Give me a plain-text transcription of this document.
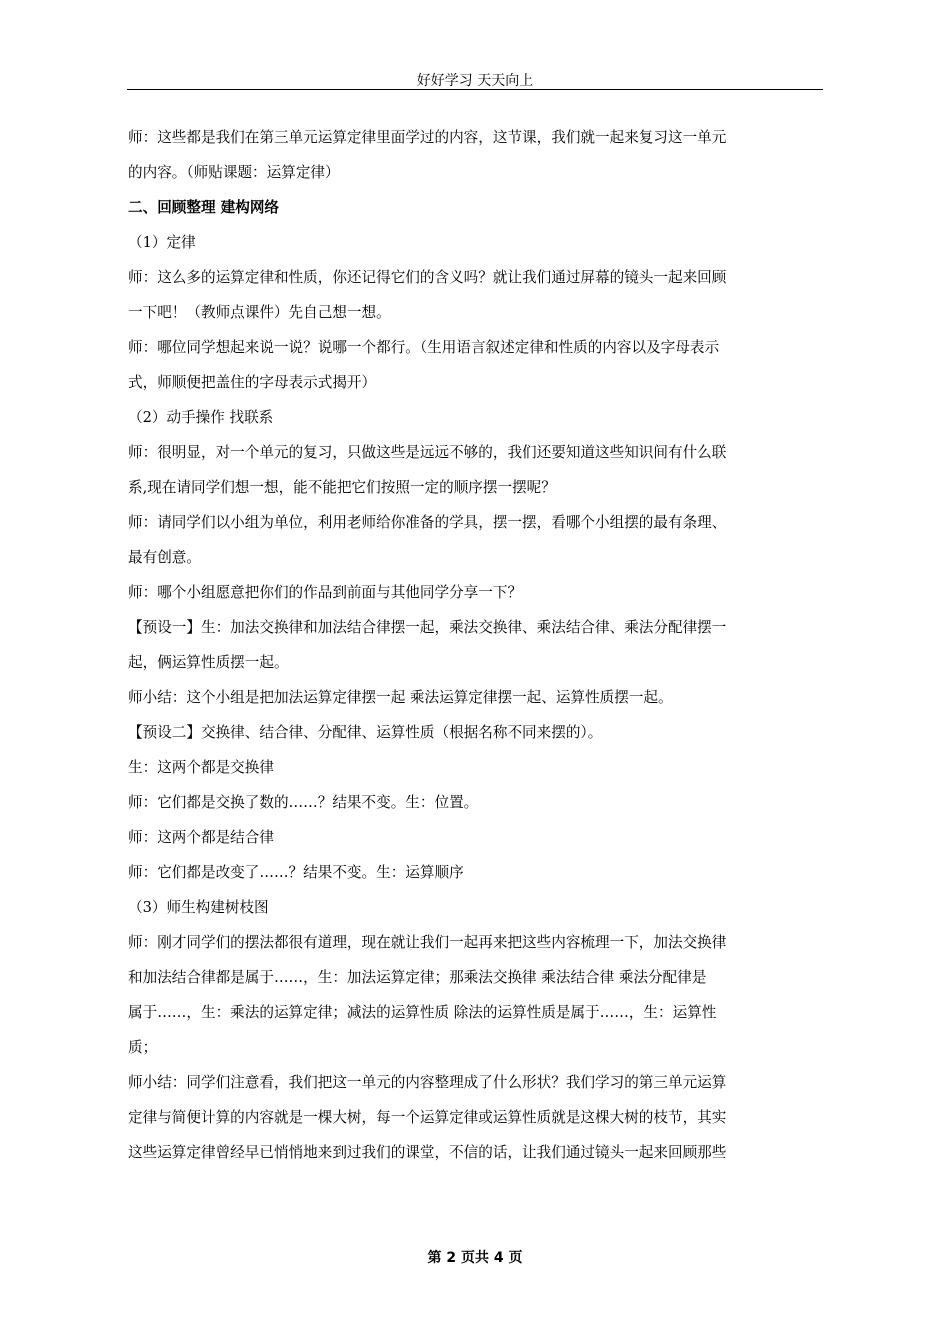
好好学习 天天向上

师：这些都是我们在第三单元运算定律里面学过的内容，这节课，我们就一起来复习这一单元

的内容。（师贴课题：运算定律）

二、回顾整理 建构网络

（1）定律

师：这么多的运算定律和性质，你还记得它们的含义吗？就让我们通过屏幕的镜头一起来回顾

一下吧！（教师点课件）先自己想一想。

师：哪位同学想起来说一说？说哪一个都行。（生用语言叙述定律和性质的内容以及字母表示

式，师顺便把盖住的字母表示式揭开）

（2）动手操作 找联系

师：很明显，对一个单元的复习，只做这些是远远不够的，我们还要知道这些知识间有什么联

系,现在请同学们想一想，能不能把它们按照一定的顺序摆一摆呢？

师：请同学们以小组为单位，利用老师给你准备的学具，摆一摆，看哪个小组摆的最有条理、

最有创意。

师：哪个小组愿意把你们的作品到前面与其他同学分享一下？

【预设一】生：加法交换律和加法结合律摆一起，乘法交换律、乘法结合律、乘法分配律摆一

起，俩运算性质摆一起。

师小结：这个小组是把加法运算定律摆一起 乘法运算定律摆一起、运算性质摆一起。

【预设二】交换律、结合律、分配律、运算性质（根据名称不同来摆的）。

生：这两个都是交换律

师：它们都是交换了数的……？结果不变。生：位置。

师：这两个都是结合律

师：它们都是改变了……？结果不变。生：运算顺序

（3）师生构建树枝图

师：刚才同学们的摆法都很有道理，现在就让我们一起再来把这些内容梳理一下，加法交换律

和加法结合律都是属于……，生：加法运算定律；那乘法交换律 乘法结合律 乘法分配律是

属于……，生：乘法的运算定律；减法的运算性质 除法的运算性质是属于……，生：运算性

质；

师小结：同学们注意看，我们把这一单元的内容整理成了什么形状？我们学习的第三单元运算

定律与简便计算的内容就是一棵大树，每一个运算定律或运算性质就是这棵大树的枝节，其实

这些运算定律曾经早已悄悄地来到过我们的课堂，不信的话，让我们通过镜头一起来回顾那些

第 2 页共 4 页
